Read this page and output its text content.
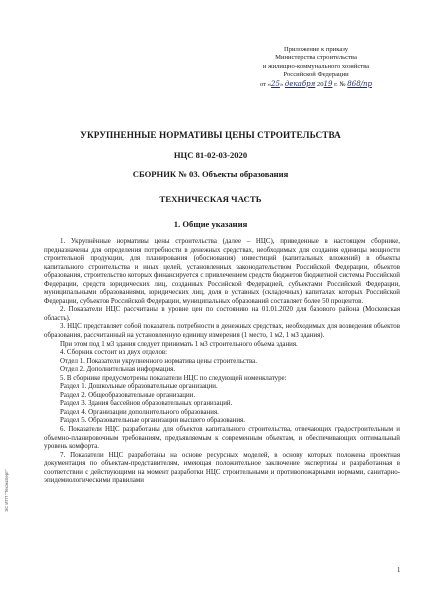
Приложение к приказу
Министерства строительства
и жилищно-коммунального хозяйства
Российской Федерации
от «25» декабря 2019 г. № 868/пр
УКРУПНЕННЫЕ НОРМАТИВЫ ЦЕНЫ СТРОИТЕЛЬСТВА
НЦС 81-02-03-2020
СБОРНИК № 03. Объекты образования
ТЕХНИЧЕСКАЯ ЧАСТЬ
1. Общие указания

1. Укрупнённые нормативы цены строительства (далее – НЦС), приведенные в настоящем сборнике, предназначены для определения потребности в денежных средствах, необходимых для создания единицы мощности строительной продукции, для планирования (обоснования) инвестиций (капитальных вложений) в объекты капитального строительства и иных целей, установленных законодательством Российской Федерации, объектов образования, строительство которых финансируется с привлечением средств бюджетов бюджетной системы Российской Федерации, средств юридических лиц, созданных Российской Федерацией, субъектами Российской Федерации, муниципальными образованиями, юридических лиц, доля в уставных (складочных) капиталах которых Российской Федерации, субъектов Российской Федерации, муниципальных образований составляет более 50 процентов.

2. Показатели НЦС рассчитаны в уровне цен по состоянию на 01.01.2020 для базового района (Московская область).

3. НЦС представляет собой показатель потребности в денежных средствах, необходимых для возведения объектов образования, рассчитанный на установленную единицу измерения (1 место, 1 м2, 1 м3 здания).

При этом под 1 м3 здания следует принимать 1 м3 строительного объема здания.

4. Сборник состоит из двух отделов:

Отдел 1. Показатели укрупненного норматива цены строительства.

Отдел 2. Дополнительная информация.

5. В сборнике предусмотрены показатели НЦС по следующей номенклатуре:

Раздел 1. Дошкольные образовательные организации.

Раздел 2. Общеобразовательные организации.

Раздел 3. Здания бассейнов образовательных организаций.

Раздел 4. Организации дополнительного образования.

Раздел 5. Образовательные организации высшего образования.

6. Показатели НЦС разработаны для объектов капитального строительства, отвечающих градостроительным и объемно-планировочным требованиям, предъявляемым к современным объектам, и обеспечивающих оптимальный уровень комфорта.

7. Показатели НЦС разработаны на основе ресурсных моделей, в основу которых положена проектная документация по объектам-представителям, имеющая положительное заключение экспертизы и разработанная в соответствии с действующими на момент разработки НЦС строительными и противопожарными нормами, санитарно-эпидемиологическими правилами

ЭС ИТП "Техэксперт"
1
